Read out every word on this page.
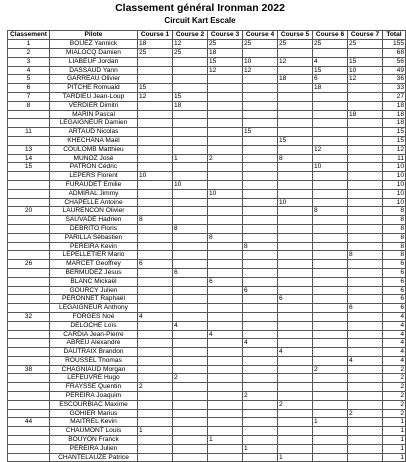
Classement général Ironman 2022
Circuit Kart Escale
Classement	Pilote	Course 1	Course 2	Course 3	Course 4	Course 5	Course 6	Course 7	Total
1	BOUEZ Yannick	18	12	25	25	25	25	25	155
2	MIALOCQ Damien	25	25	18					68
3	LIABEUF Jordan			15	10	12	4	15	56
4	DASSAUD Yann			12	12		15	10	49
5	GARREAU Olivier					18	6	12	36
6	PITCHE Romuald	15					18		33
7	TARDIEU Jean-Loup	12	15						27
8	VERDIER Dimitri		18						18
	MARIN Pascal							18	18
	LEGAIGNEUR Damien								18
11	ARTAUD Nicolas				15				15
	KHECHANA Maël					15			15
13	COULOMB Matthieu						12		12
14	MUNOZ José		1	2		8			11
15	PATRON Cédric						10		10
	LEPERS Florent	10							10
	FURAUDET Emilie		10						10
	ADMIRAL Jimmy			10					10
	CHAPELLE Antoine					10			10
20	LAURENCON Olivier						8		8
	SAUVADE Hadrien	8							8
	DEBRITO Floris		8						8
	PARILLA Sébastien			8					8
	PEREIRA Kevin				8				8
	LEPELLETIER Mario							8	8
26	MARCET Geoffrey	6							6
	BERMUDEZ Jésus		6						6
	BLANC Mickaël			6					6
	GOURCY Julien				6				6
	PERONNET Raphaël					6			6
	LEGAIGNEUR Anthony							6	6
32	FORGES Noé	4							4
	DELOCHE Loïs		4						4
	CARDIA Jean-Pierre			4					4
	ABREU Alexandre				4				4
	DAUTRAIX Brandon					4			4
	ROUSSEL Thomas							4	4
38	CHAGNIAUD Morgan						2		2
	LEFEUVRE Hugo		2						2
	FRAYSSE Quentin	2							2
	PEREIRA Joaquim				2				2
	ESCOURBIAC Maxime					2			2
	GOHIER Marius							2	2
44	MAITREL Kevin						1		1
	CHAUMONT Louis	1							1
	BOUYON Franck			1					1
	PEREIRA Julien				1				1
	CHANTELAUZE Patrice					1			1
